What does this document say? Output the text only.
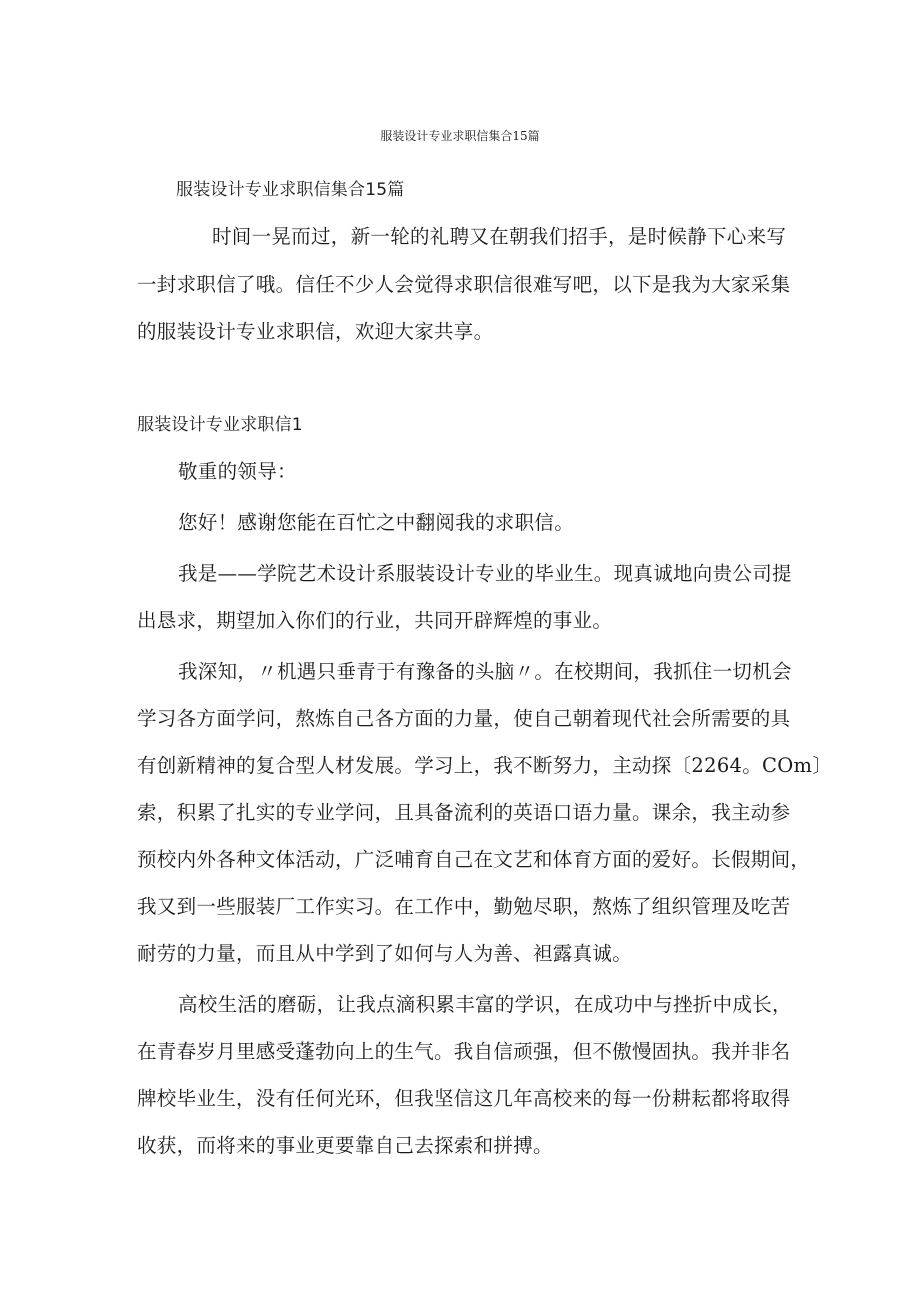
服装设计专业求职信集合15篇
服装设计专业求职信集合15篇
时间一晃而过，新一轮的礼聘又在朝我们招手，是时候静下心来写
一封求职信了哦。信任不少人会觉得求职信很难写吧，以下是我为大家采集
的服装设计专业求职信，欢迎大家共享。
服装设计专业求职信1
敬重的领导：
您好！感谢您能在百忙之中翻阅我的求职信。
我是——学院艺术设计系服装设计专业的毕业生。现真诚地向贵公司提
出恳求，期望加入你们的行业，共同开辟辉煌的事业。
我深知，〃机遇只垂青于有豫备的头脑〃。在校期间，我抓住一切机会
学习各方面学问，熬炼自己各方面的力量，使自己朝着现代社会所需要的具
有创新精神的复合型人材发展。学习上，我不断努力，主动探〔2264。COm〕
索，积累了扎实的专业学问，且具备流利的英语口语力量。课余，我主动参
预校内外各种文体活动，广泛哺育自己在文艺和体育方面的爱好。长假期间，
我又到一些服装厂工作实习。在工作中，勤勉尽职，熬炼了组织管理及吃苦
耐劳的力量，而且从中学到了如何与人为善、袒露真诚。
高校生活的磨砺，让我点滴积累丰富的学识，在成功中与挫折中成长，
在青春岁月里感受蓬勃向上的生气。我自信顽强，但不傲慢固执。我并非名
牌校毕业生，没有任何光环，但我坚信这几年高校来的每一份耕耘都将取得
收获，而将来的事业更要靠自己去探索和拼搏。
